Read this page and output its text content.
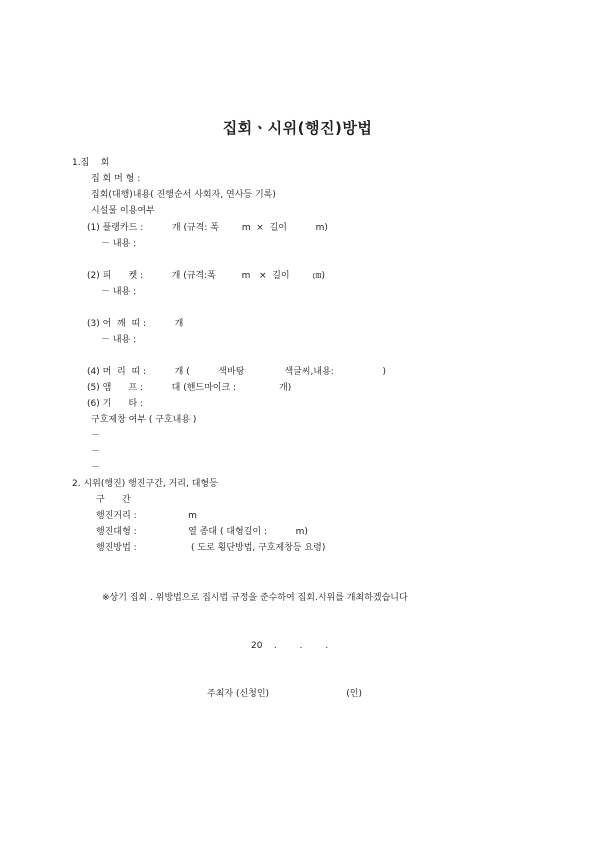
집회ㆍ시위(행진)방법
1.집    회
집 회 머 형 :
집회(대행)내용( 진행순서 사회자, 연사등 기록)
시설물 이용여부
(1) 플랭카드 :          개 (규격: 폭        m  ×  길이          m)
－ 내용 :
(2) 피      켓 :          개 (규격:폭         m   ×  길이        ㎝)
－ 내용 :
(3) 어  깨  띠 :          개
－ 내용 :
(4) 머  리  띠 :          개 (          색바탕              색글씨,내용:                 )
(5) 앰      프 :          대 (핸드마이크 :               개)
(6) 기      타 :
구호제창 여부 ( 구호내용 )
－
－
－
2. 시위(행진) 행진구간, 거리, 대형등
구      간
행진거리 :                  m
행진대형 :                  열 종대 ( 대형길이 :          m)
행진방법 :                   ( 도로 횡단방법, 구호제창등 요령)
※상기 집회 . 위방법으로 집시법 규정을 준수하여 집회.시위를 개최하겠습니다
20    .        .        .
주최자 (신청인)                           (인)
